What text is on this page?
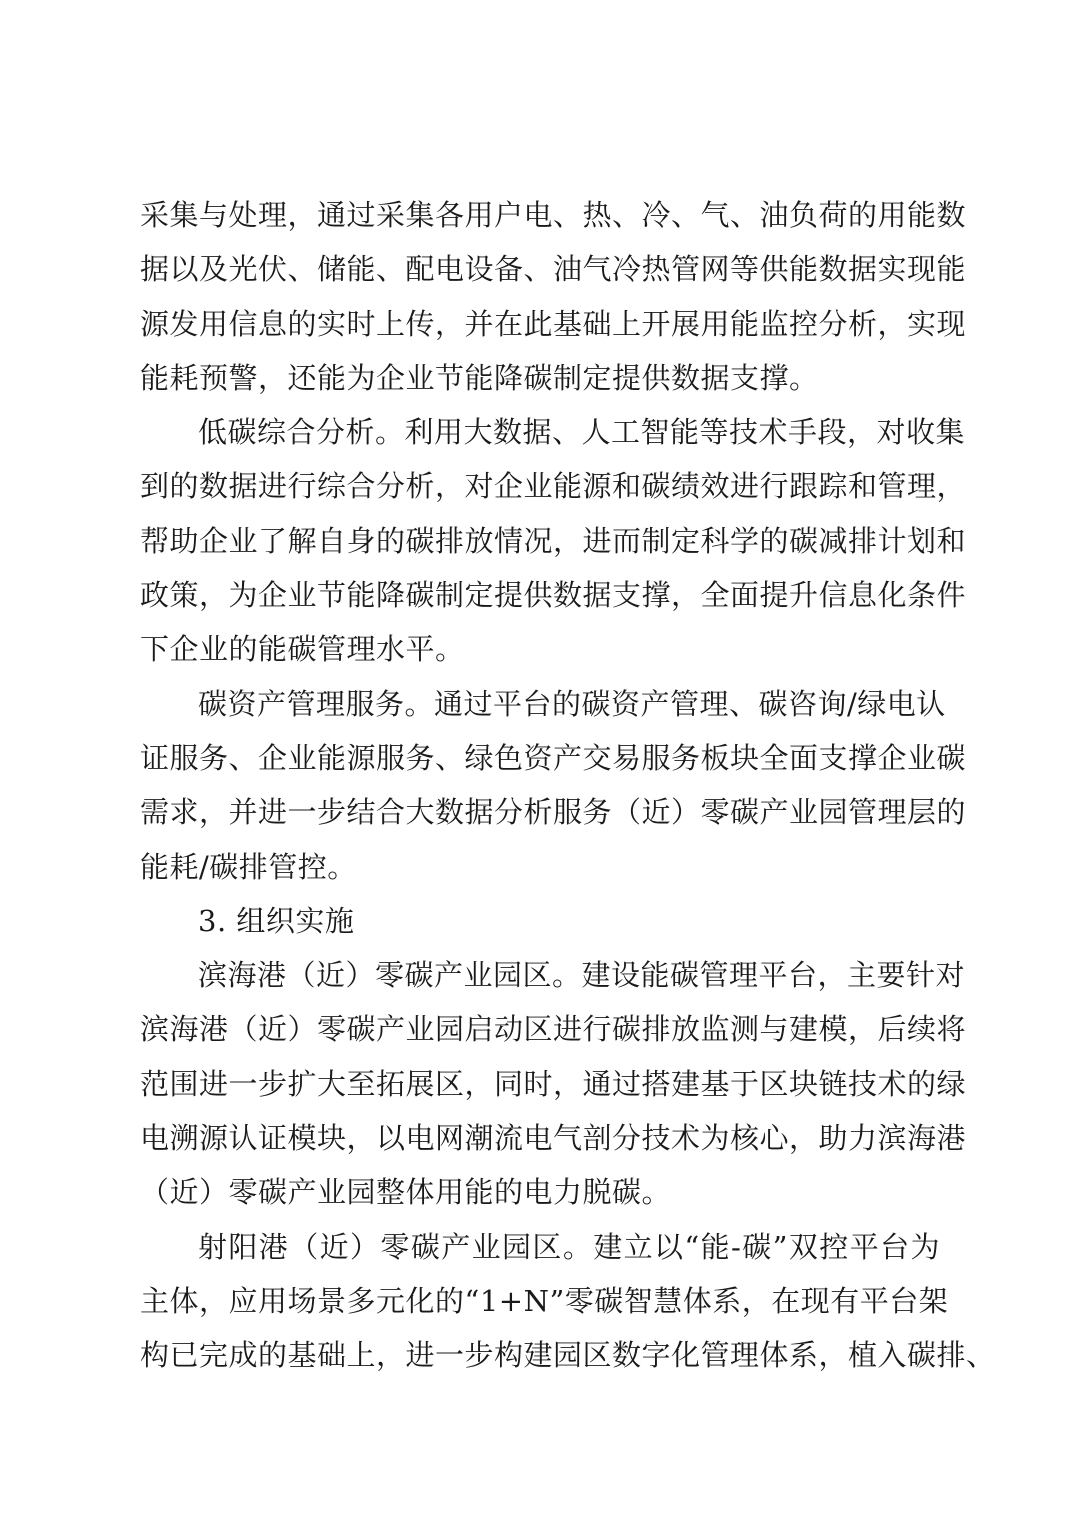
采集与处理，通过采集各用户电、热、冷、气、油负荷的用能数
据以及光伏、储能、配电设备、油气冷热管网等供能数据实现能
源发用信息的实时上传，并在此基础上开展用能监控分析，实现
能耗预警，还能为企业节能降碳制定提供数据支撑。
低碳综合分析。利用大数据、人工智能等技术手段，对收集
到的数据进行综合分析，对企业能源和碳绩效进行跟踪和管理，
帮助企业了解自身的碳排放情况，进而制定科学的碳减排计划和
政策，为企业节能降碳制定提供数据支撑，全面提升信息化条件
下企业的能碳管理水平。
碳资产管理服务。通过平台的碳资产管理、碳咨询/绿电认
证服务、企业能源服务、绿色资产交易服务板块全面支撑企业碳
需求，并进一步结合大数据分析服务（近）零碳产业园管理层的
能耗/碳排管控。
3. 组织实施
滨海港（近）零碳产业园区。建设能碳管理平台，主要针对
滨海港（近）零碳产业园启动区进行碳排放监测与建模，后续将
范围进一步扩大至拓展区，同时，通过搭建基于区块链技术的绿
电溯源认证模块，以电网潮流电气剖分技术为核心，助力滨海港
（近）零碳产业园整体用能的电力脱碳。
射阳港（近）零碳产业园区。建立以“能-碳”双控平台为
主体，应用场景多元化的“1+N”零碳智慧体系，在现有平台架
构已完成的基础上，进一步构建园区数字化管理体系，植入碳排、
